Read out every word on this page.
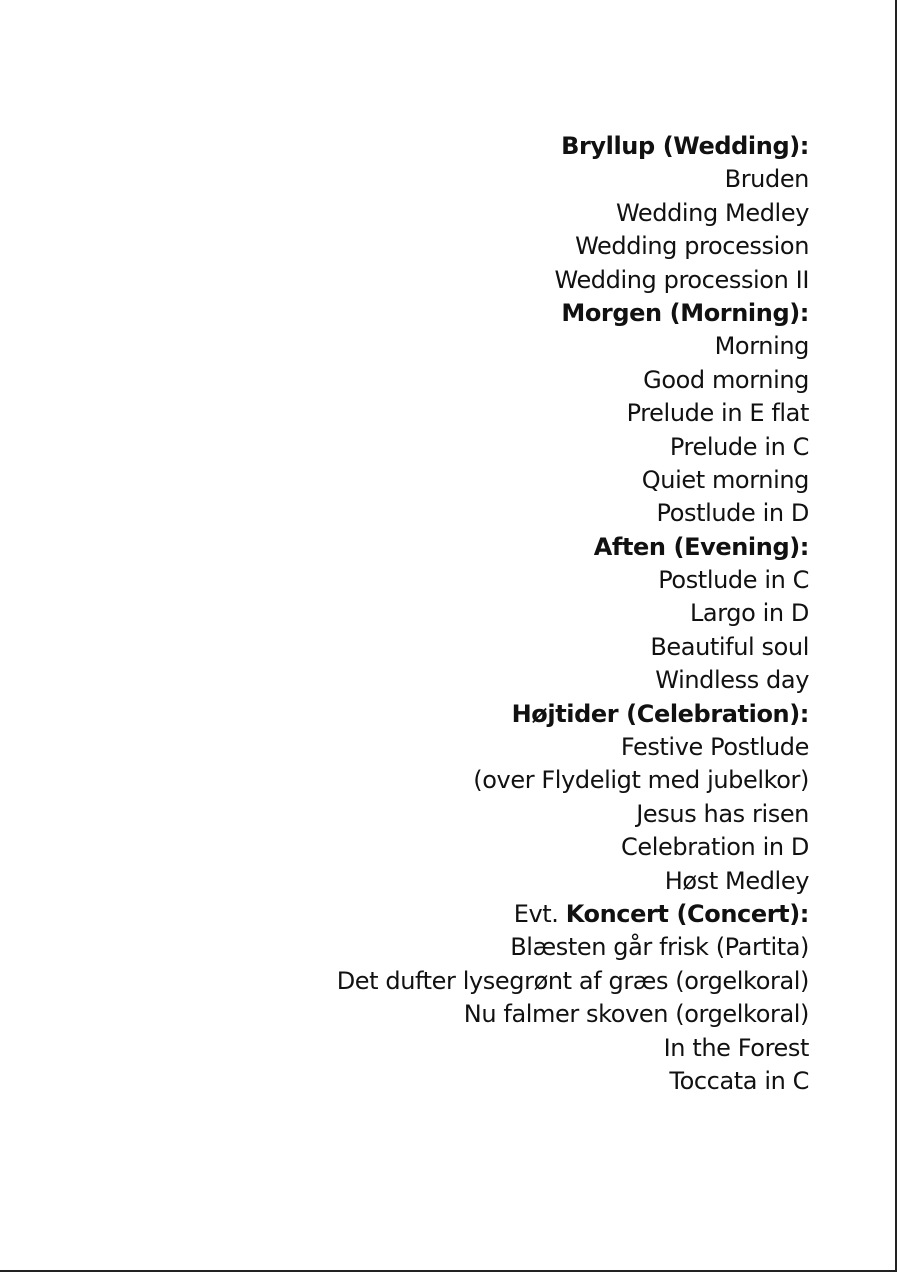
Bryllup (Wedding):
Bruden
Wedding Medley
Wedding procession
Wedding procession II
Morgen (Morning):
Morning
Good morning
Prelude in E flat
Prelude in C
Quiet morning
Postlude in D
Aften (Evening):
Postlude in C
Largo in D
Beautiful soul
Windless day
Højtider (Celebration):
Festive Postlude
(over Flydeligt med jubelkor)
Jesus has risen
Celebration in D
Høst Medley
Evt. Koncert (Concert):
Blæsten går frisk (Partita)
Det dufter lysegrønt af græs (orgelkoral)
Nu falmer skoven (orgelkoral)
In the Forest
Toccata in C
